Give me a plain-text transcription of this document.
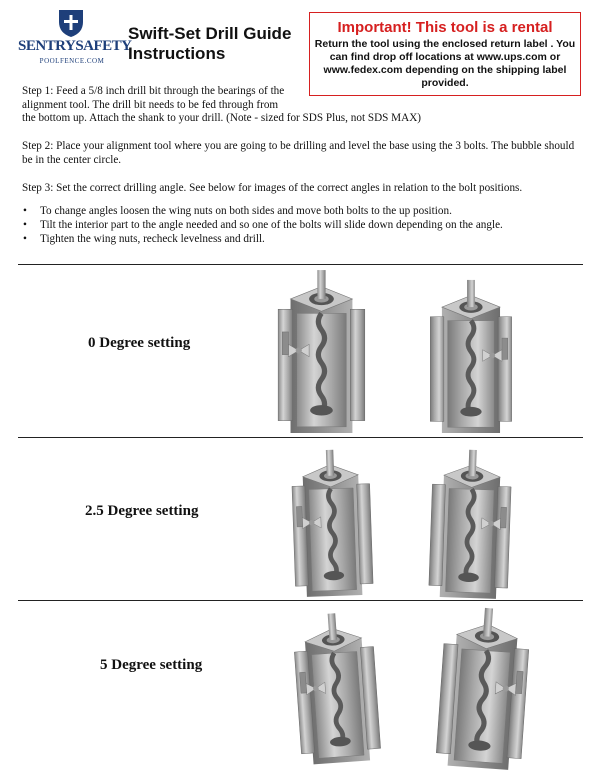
SENTRYSAFETY
POOLFENCE.COM
Swift-Set Drill Guide
Instructions
Important! This tool is a rental
Return the tool using the enclosed return label . You can find drop off locations at www.ups.com or www.fedex.com depending on the shipping label provided.
Step 1: Feed a 5/8 inch drill bit through the bearings of the alignment tool. The drill bit needs to be fed through from
the bottom up. Attach the shank to your drill. (Note - sized for SDS Plus, not SDS MAX)
Step 2: Place your alignment tool where you are going to be drilling and level the base using the 3 bolts. The bubble should be in the center circle.
Step 3: Set the correct drilling angle. See below for images of the correct angles in relation to the bolt positions.
• To change angles loosen the wing nuts on both sides and move both bolts to the up position.
• Tilt the interior part to the angle needed and so one of the bolts will slide down depending on the angle.
• Tighten the wing nuts, recheck levelness and drill.
0 Degree setting
2.5 Degree setting
5 Degree setting
